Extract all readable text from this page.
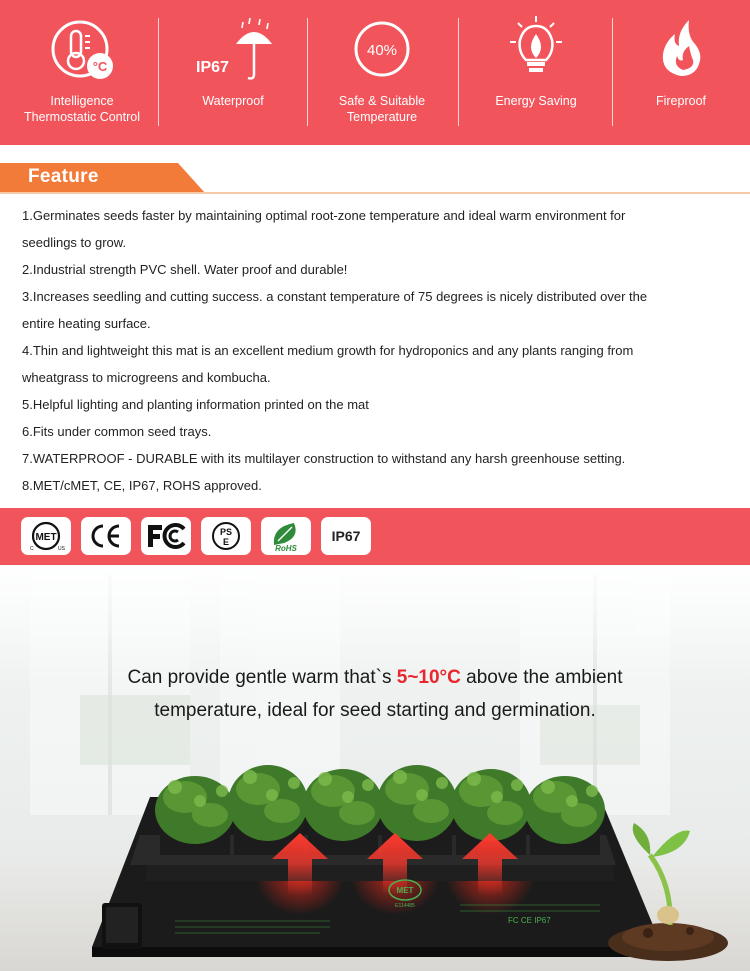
°C
Intelligence
Thermostatic Control
IP67
Waterproof
40%
Safe & Suitable
Temperature
Energy Saving	Fireproof
Feature
1.Germinates seeds faster by maintaining optimal root-zone temperature and ideal warm environment for
seedlings to grow.
2.Industrial strength PVC shell. Water proof and durable!
3.Increases seedling and cutting success. a constant temperature of 75 degrees is nicely distributed over the
entire heating surface.
4.Thin and lightweight this mat is an excellent medium growth for hydroponics and any plants ranging from
wheatgrass to microgreens and kombucha.
5.Helpful lighting and planting information printed on the mat
6.Fits under common seed trays.
7.WATERPROOF - DURABLE with its multilayer construction to withstand any harsh greenhouse setting.
8.MET/cMET, CE, IP67, ROHS approved.
MET
C	US
PS
E
RoHS
IP67
MET
E114485
FC CE IP67
Can provide gentle warm that`s 5~10°C above the ambient
temperature, ideal for seed starting and germination.
